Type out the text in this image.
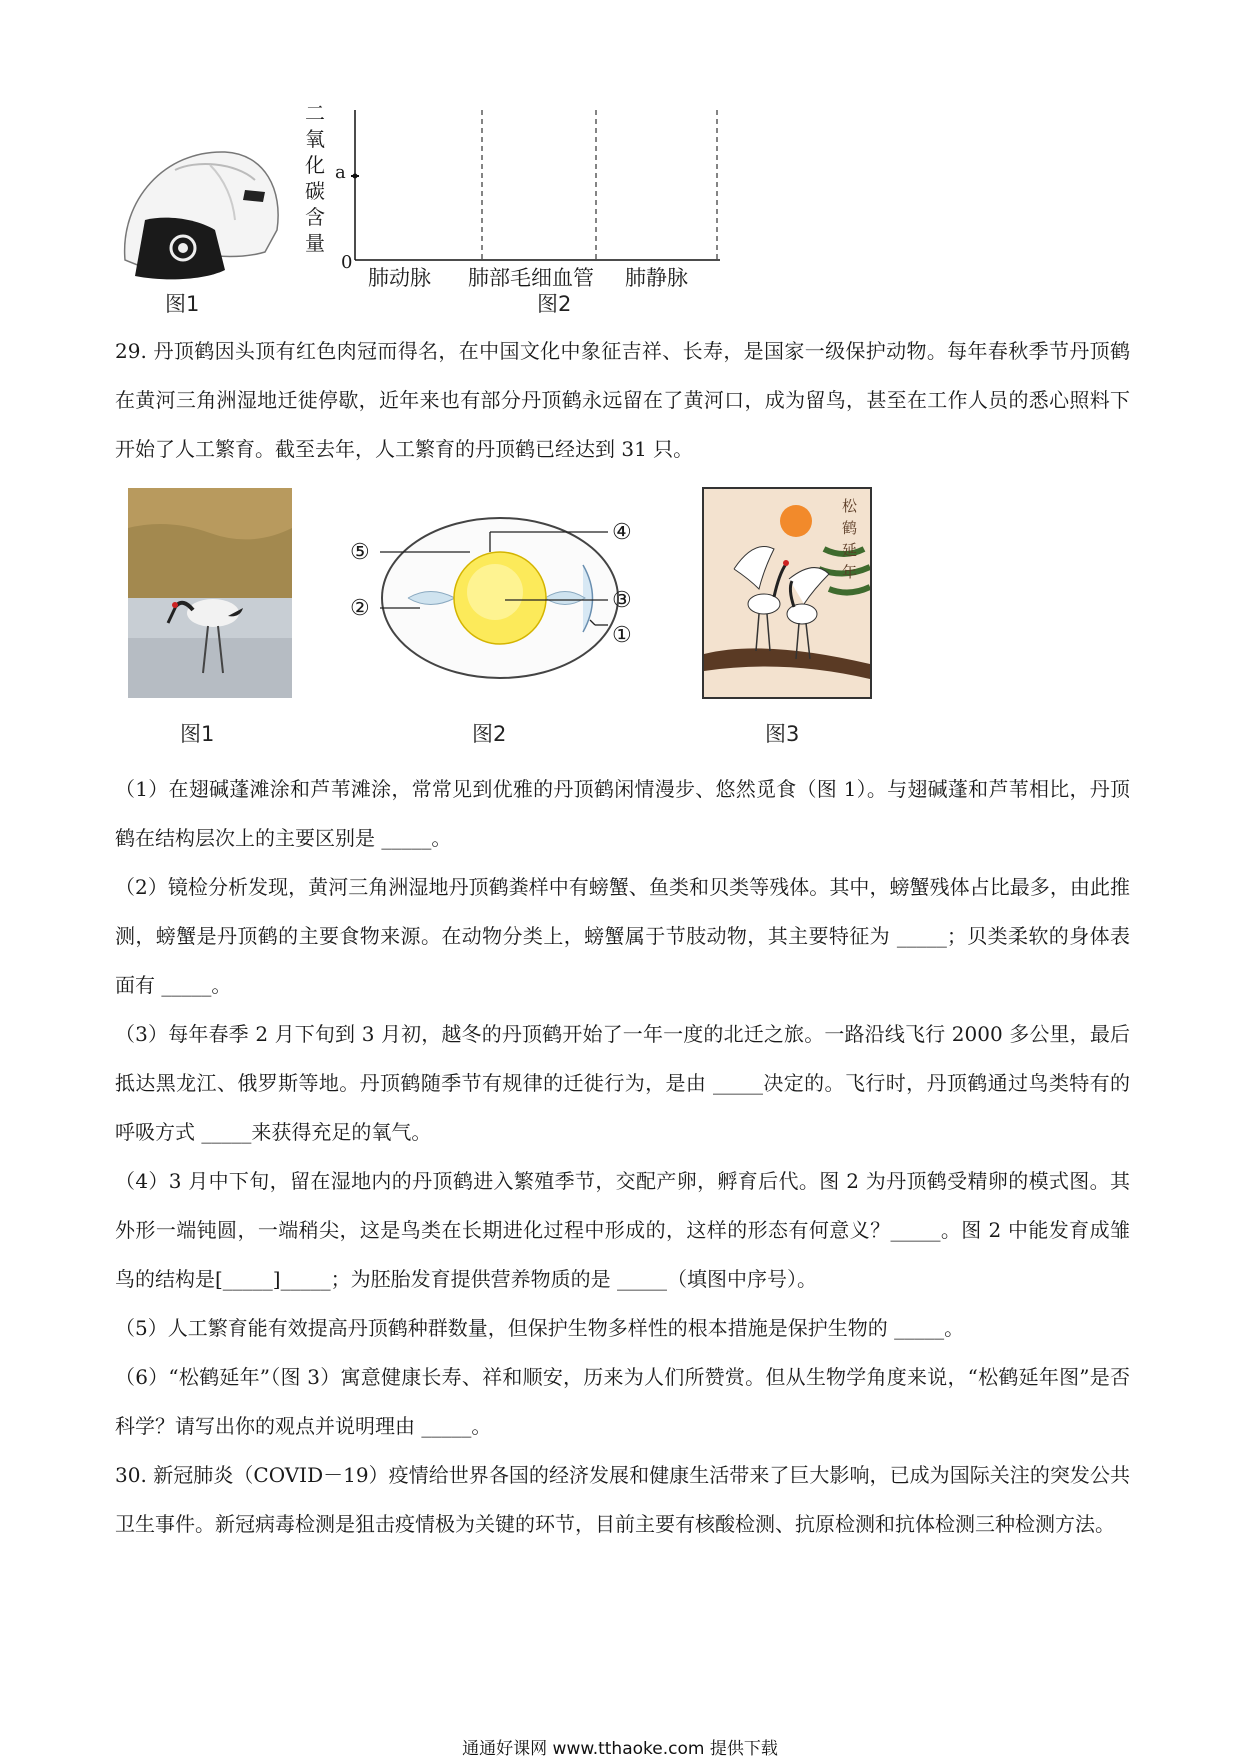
图1
二
氧
化
碳
含
量
a
0
肺动脉 肺部毛细血管 肺静脉
图2

29. 丹顶鹤因头顶有红色肉冠而得名，在中国文化中象征吉祥、长寿，是国家一级保护动物。每年春秋季节丹顶鹤在黄河三角洲湿地迁徙停歇，近年来也有部分丹顶鹤永远留在了黄河口，成为留鸟，甚至在工作人员的悉心照料下开始了人工繁育。截至去年，人工繁育的丹顶鹤已经达到 31 只。

图1
⑤
②
④
③
①
图2
松
鹤
延
年
图3

（1）在翅碱蓬滩涂和芦苇滩涂，常常见到优雅的丹顶鹤闲情漫步、悠然觅食（图 1）。与翅碱蓬和芦苇相比，丹顶鹤在结构层次上的主要区别是 _____。

（2）镜检分析发现，黄河三角洲湿地丹顶鹤粪样中有螃蟹、鱼类和贝类等残体。其中，螃蟹残体占比最多，由此推测，螃蟹是丹顶鹤的主要食物来源。在动物分类上，螃蟹属于节肢动物，其主要特征为 _____；贝类柔软的身体表面有 _____。

（3）每年春季 2 月下旬到 3 月初，越冬的丹顶鹤开始了一年一度的北迁之旅。一路沿线飞行 2000 多公里，最后抵达黑龙江、俄罗斯等地。丹顶鹤随季节有规律的迁徙行为，是由 _____决定的。飞行时，丹顶鹤通过鸟类特有的呼吸方式 _____来获得充足的氧气。

（4）3 月中下旬，留在湿地内的丹顶鹤进入繁殖季节，交配产卵，孵育后代。图 2 为丹顶鹤受精卵的模式图。其外形一端钝圆，一端稍尖，这是鸟类在长期进化过程中形成的，这样的形态有何意义？_____。图 2 中能发育成雏鸟的结构是[_____]_____；为胚胎发育提供营养物质的是 _____（填图中序号）。

（5）人工繁育能有效提高丹顶鹤种群数量，但保护生物多样性的根本措施是保护生物的 _____。

（6）“松鹤延年”（图 3）寓意健康长寿、祥和顺安，历来为人们所赞赏。但从生物学角度来说，“松鹤延年图”是否科学？请写出你的观点并说明理由 _____。

30. 新冠肺炎（COVID－19）疫情给世界各国的经济发展和健康生活带来了巨大影响，已成为国际关注的突发公共卫生事件。新冠病毒检测是狙击疫情极为关键的环节，目前主要有核酸检测、抗原检测和抗体检测三种检测方法。

通通好课网 www.tthaoke.com 提供下载
